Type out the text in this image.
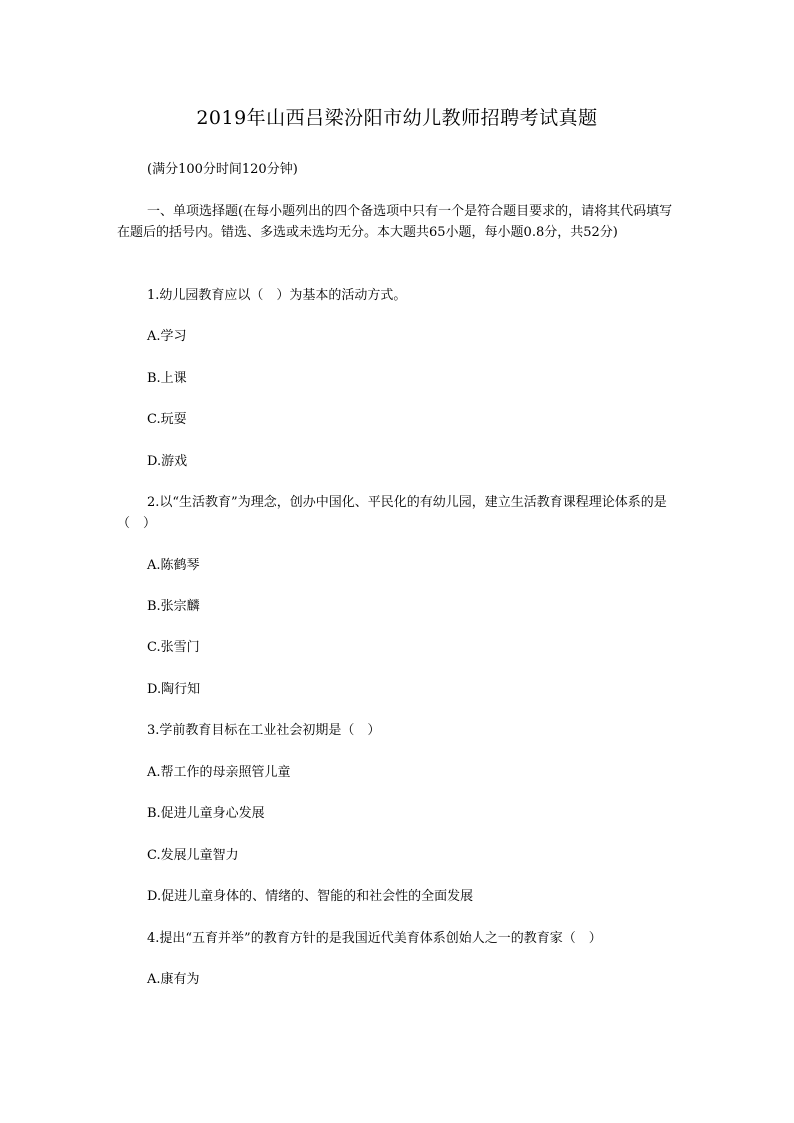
2019年山西吕梁汾阳市幼儿教师招聘考试真题

(满分100分时间120分钟)

一、单项选择题(在每小题列出的四个备选项中只有一个是符合题目要求的，请将其代码填写在题后的括号内。错选、多选或未选均无分。本大题共65小题，每小题0.8分，共52分)

1.幼儿园教育应以（　）为基本的活动方式。

A.学习

B.上课

C.玩耍

D.游戏

2.以“生活教育”为理念，创办中国化、平民化的有幼儿园，建立生活教育课程理论体系的是（　）

A.陈鹤琴

B.张宗麟

C.张雪门

D.陶行知

3.学前教育目标在工业社会初期是（　）

A.帮工作的母亲照管儿童

B.促进儿童身心发展

C.发展儿童智力

D.促进儿童身体的、情绪的、智能的和社会性的全面发展

4.提出“五育并举”的教育方针的是我国近代美育体系创始人之一的教育家（　）

A.康有为
